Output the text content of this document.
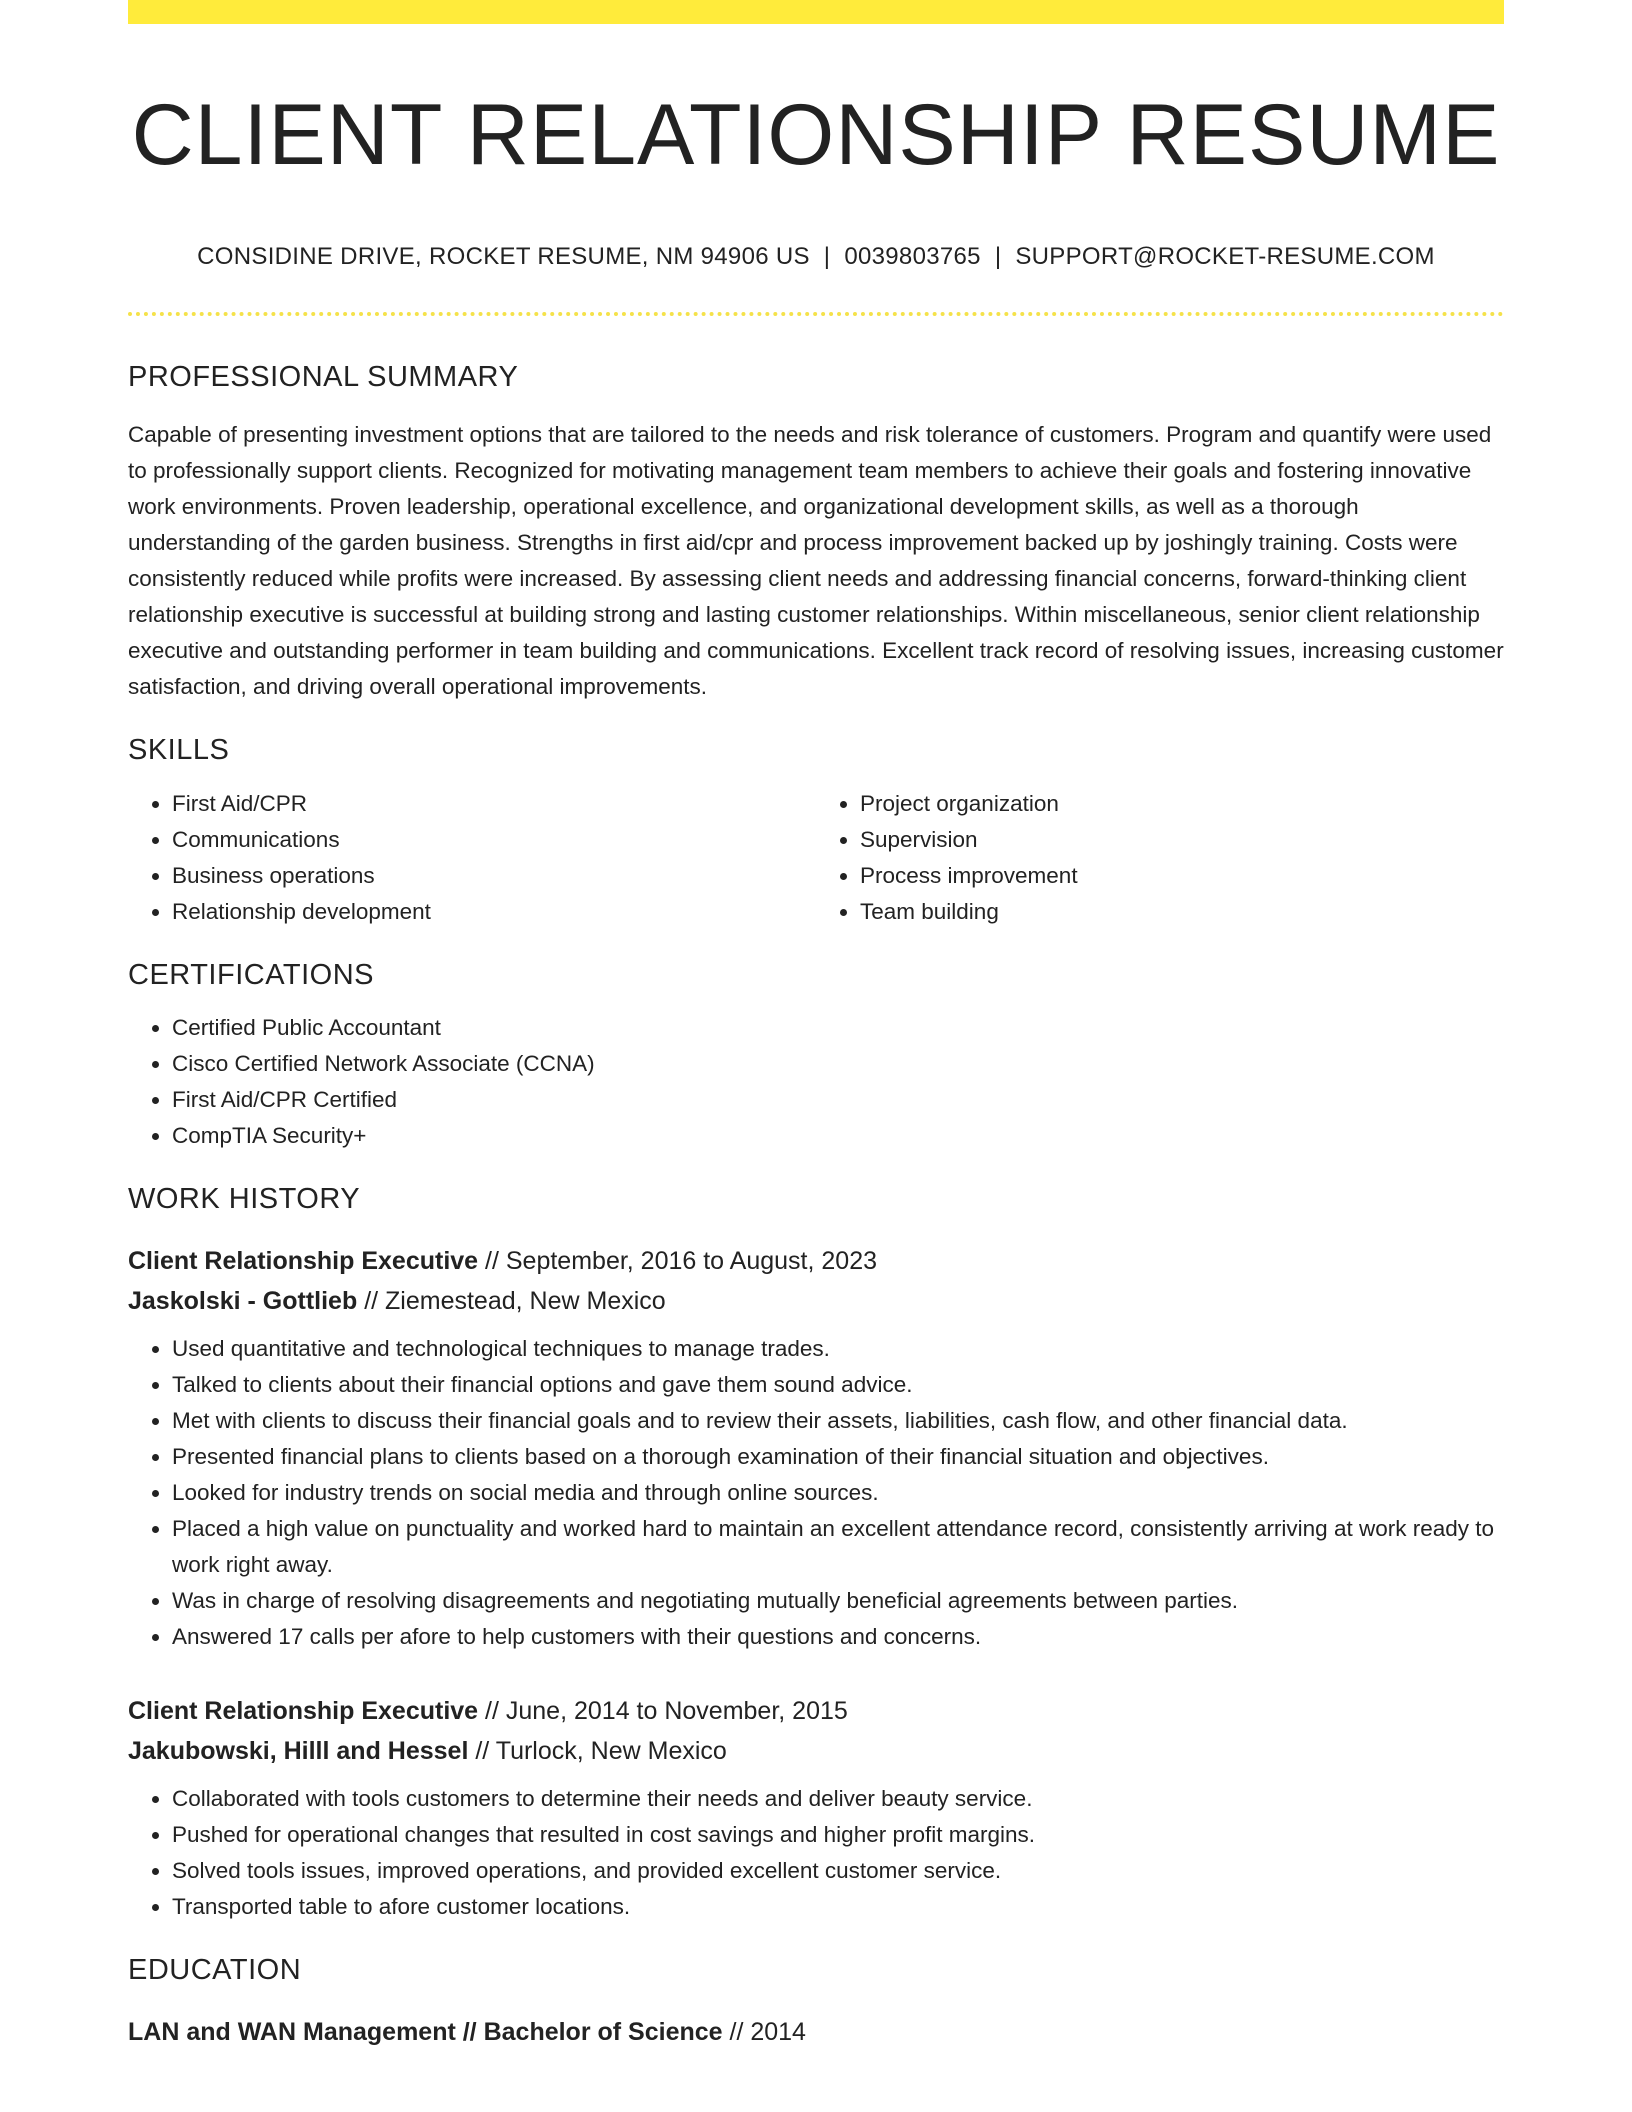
CLIENT RELATIONSHIP RESUME
CONSIDINE DRIVE, ROCKET RESUME, NM 94906 US | 0039803765 | SUPPORT@ROCKET-RESUME.COM
PROFESSIONAL SUMMARY
Capable of presenting investment options that are tailored to the needs and risk tolerance of customers. Program and quantify were used to professionally support clients. Recognized for motivating management team members to achieve their goals and fostering innovative work environments. Proven leadership, operational excellence, and organizational development skills, as well as a thorough understanding of the garden business. Strengths in first aid/cpr and process improvement backed up by joshingly training. Costs were consistently reduced while profits were increased. By assessing client needs and addressing financial concerns, forward-thinking client relationship executive is successful at building strong and lasting customer relationships. Within miscellaneous, senior client relationship executive and outstanding performer in team building and communications. Excellent track record of resolving issues, increasing customer satisfaction, and driving overall operational improvements.
SKILLS
• First Aid/CPR
• Communications
• Business operations
• Relationship development
• Project organization
• Supervision
• Process improvement
• Team building
CERTIFICATIONS
• Certified Public Accountant
• Cisco Certified Network Associate (CCNA)
• First Aid/CPR Certified
• CompTIA Security+
WORK HISTORY
Client Relationship Executive // September, 2016 to August, 2023
Jaskolski - Gottlieb // Ziemestead, New Mexico
• Used quantitative and technological techniques to manage trades.
• Talked to clients about their financial options and gave them sound advice.
• Met with clients to discuss their financial goals and to review their assets, liabilities, cash flow, and other financial data.
• Presented financial plans to clients based on a thorough examination of their financial situation and objectives.
• Looked for industry trends on social media and through online sources.
• Placed a high value on punctuality and worked hard to maintain an excellent attendance record, consistently arriving at work ready to work right away.
• Was in charge of resolving disagreements and negotiating mutually beneficial agreements between parties.
• Answered 17 calls per afore to help customers with their questions and concerns.
Client Relationship Executive // June, 2014 to November, 2015
Jakubowski, Hilll and Hessel // Turlock, New Mexico
• Collaborated with tools customers to determine their needs and deliver beauty service.
• Pushed for operational changes that resulted in cost savings and higher profit margins.
• Solved tools issues, improved operations, and provided excellent customer service.
• Transported table to afore customer locations.
EDUCATION
LAN and WAN Management // Bachelor of Science // 2014
